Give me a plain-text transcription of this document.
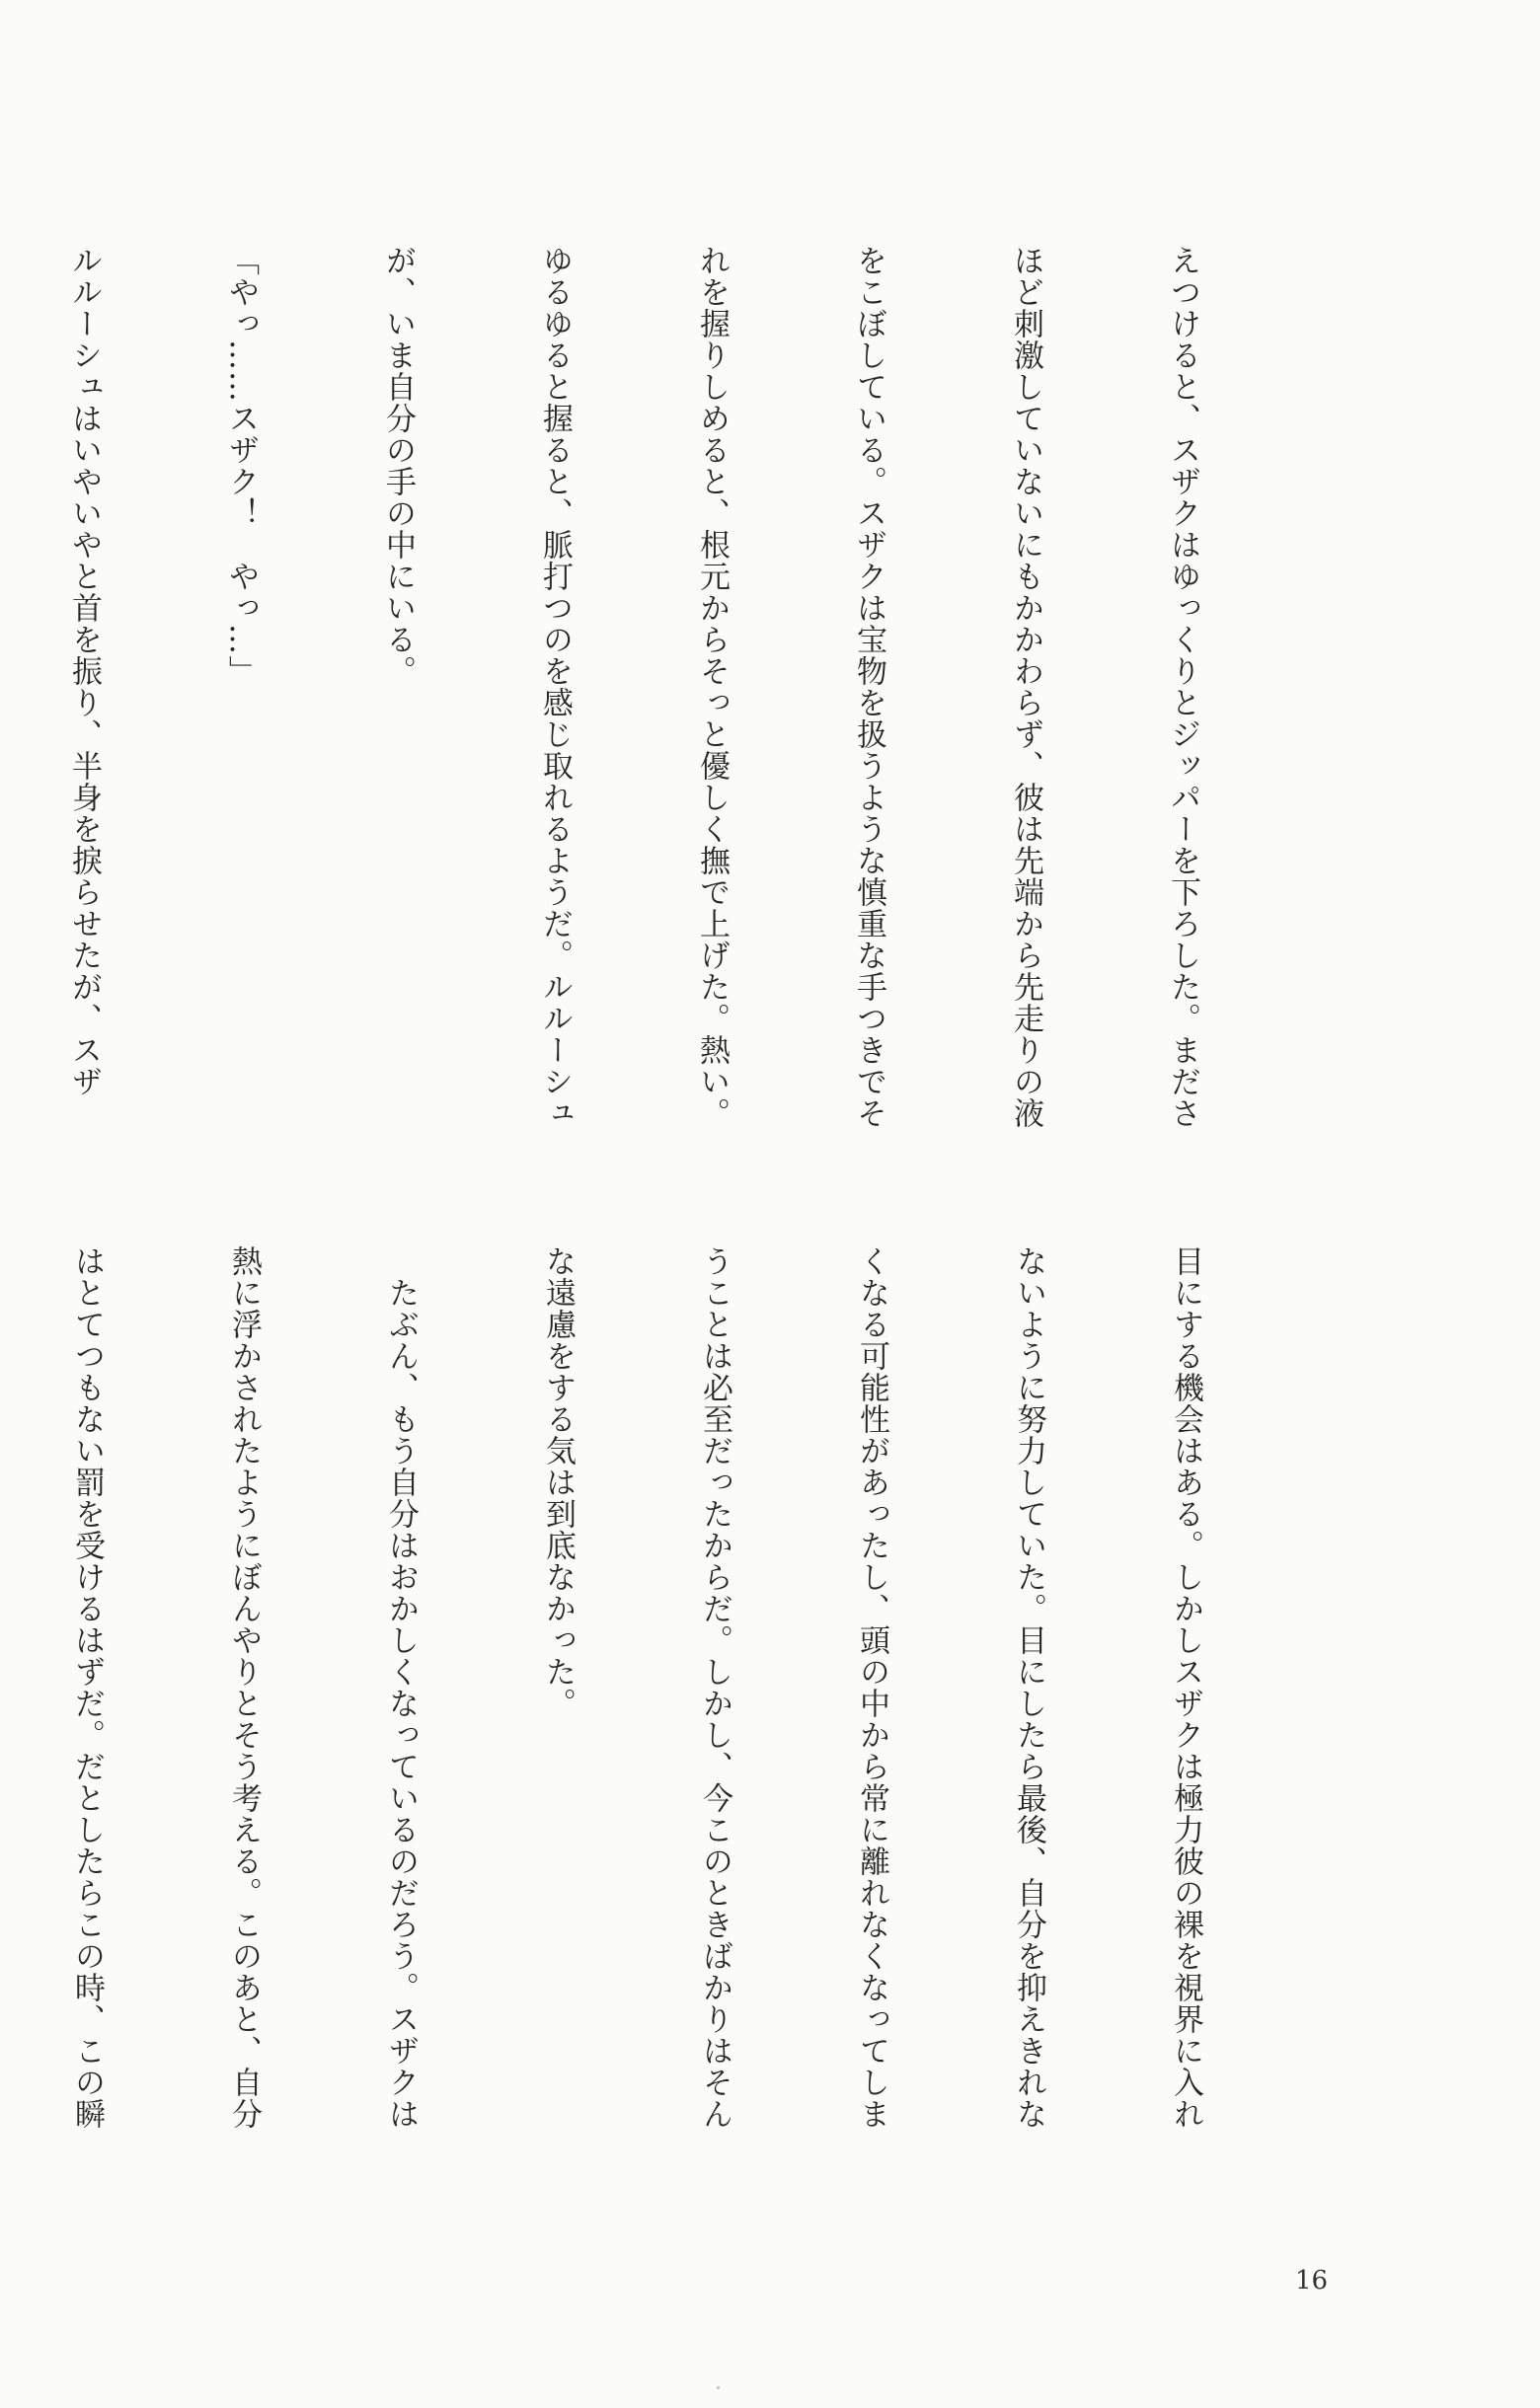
えつけると、スザクはゆっくりとジッパーを下ろした。まださ

ほど刺激していないにもかかわらず、彼は先端から先走りの液

をこぼしている。スザクは宝物を扱うような慎重な手つきでそ

れを握りしめると、根元からそっと優しく撫で上げた。熱い。

ゆるゆると握ると、脈打つのを感じ取れるようだ。ルルーシュ

が、いま自分の手の中にいる。

「やっ……スザク！　やっ…」

ルルーシュはいやいやと首を振り、半身を捩らせたが、スザ

目にする機会はある。しかしスザクは極力彼の裸を視界に入れ

ないように努力していた。目にしたら最後、自分を抑えきれな

くなる可能性があったし、頭の中から常に離れなくなってしま

うことは必至だったからだ。しかし、今このときばかりはそん

な遠慮をする気は到底なかった。

　たぶん、もう自分はおかしくなっているのだろう。スザクは

熱に浮かされたようにぼんやりとそう考える。このあと、自分

はとてつもない罰を受けるはずだ。だとしたらこの時、この瞬

16
